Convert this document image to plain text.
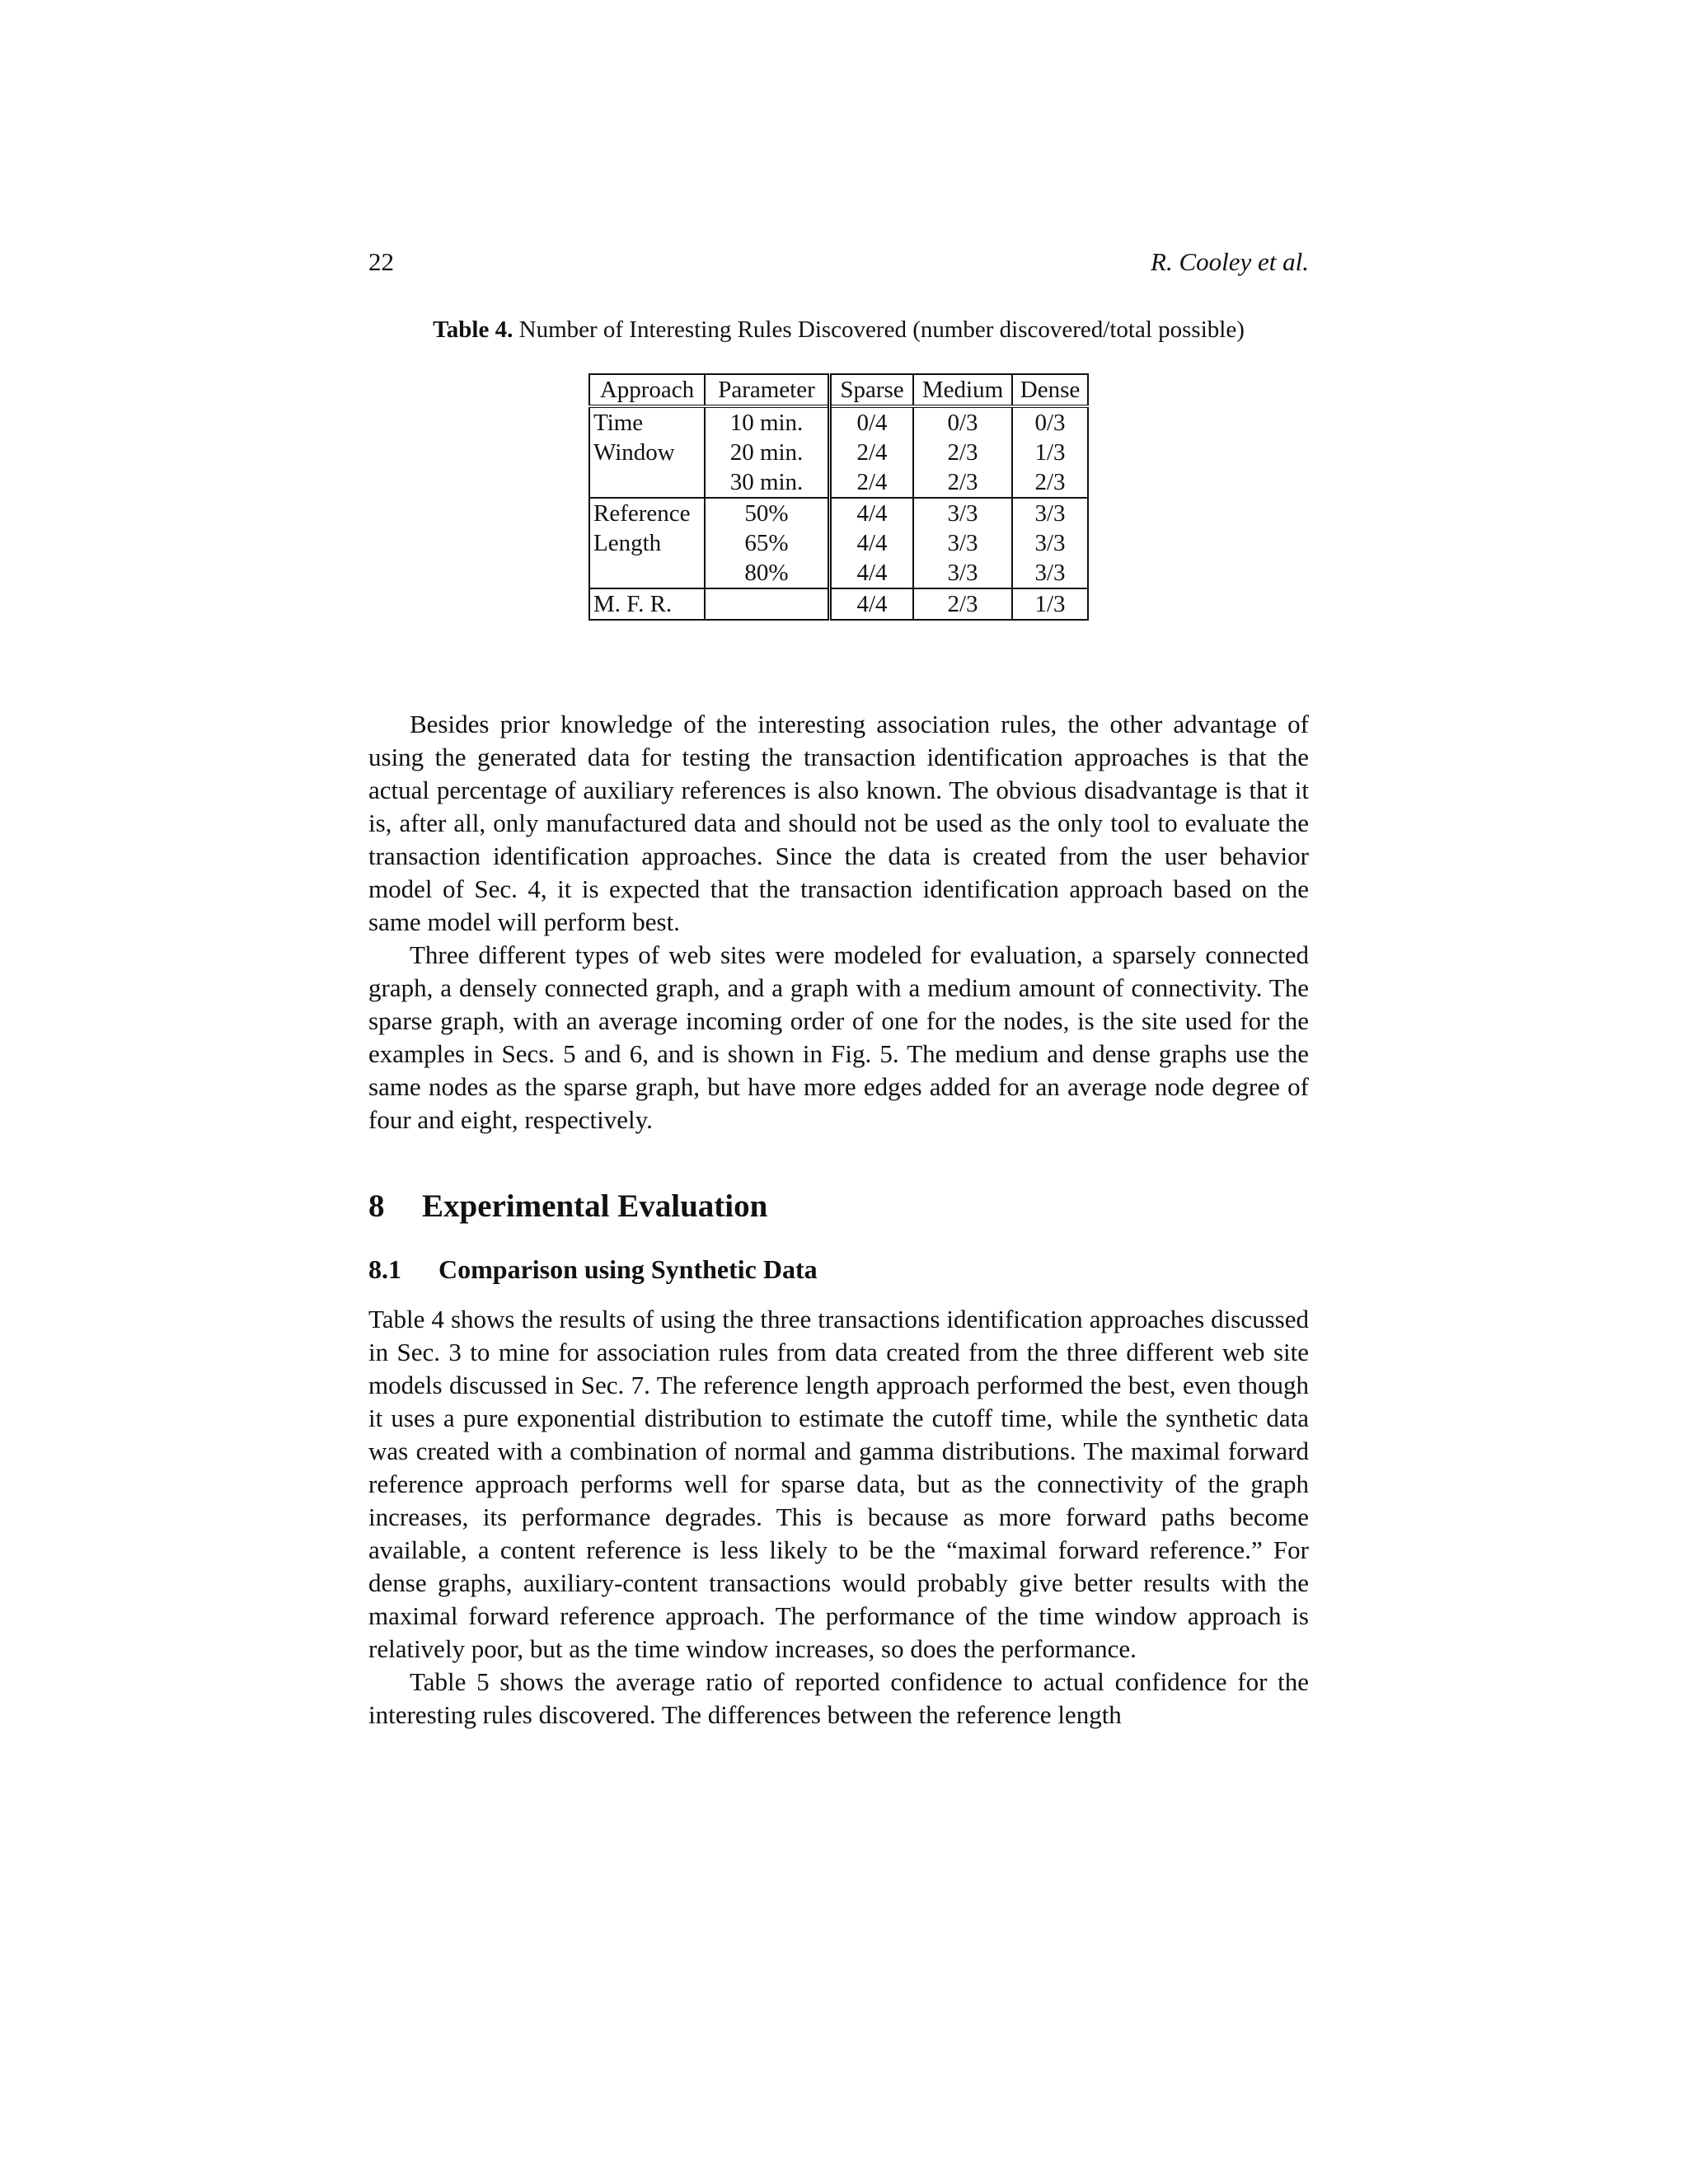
22	R. Cooley et al.
Table 4. Number of Interesting Rules Discovered (number discovered/total possible)
Approach	Parameter	Sparse	Medium	Dense
Time	10 min.	0/4	0/3	0/3
Window	20 min.	2/4	2/3	1/3
	30 min.	2/4	2/3	2/3
Reference	50%	4/4	3/3	3/3
Length	65%	4/4	3/3	3/3
	80%	4/4	3/3	3/3
M. F. R.		4/4	2/3	1/3

Besides prior knowledge of the interesting association rules, the other advantage of using the generated data for testing the transaction identification approaches is that the actual percentage of auxiliary references is also known. The obvious disadvantage is that it is, after all, only manufactured data and should not be used as the only tool to evaluate the transaction identification approaches. Since the data is created from the user behavior model of Sec. 4, it is expected that the transaction identification approach based on the same model will perform best.

Three different types of web sites were modeled for evaluation, a sparsely connected graph, a densely connected graph, and a graph with a medium amount of connectivity. The sparse graph, with an average incoming order of one for the nodes, is the site used for the examples in Secs. 5 and 6, and is shown in Fig. 5. The medium and dense graphs use the same nodes as the sparse graph, but have more edges added for an average node degree of four and eight, respectively.

8 Experimental Evaluation
8.1 Comparison using Synthetic Data

Table 4 shows the results of using the three transactions identification approaches discussed in Sec. 3 to mine for association rules from data created from the three different web site models discussed in Sec. 7. The reference length approach performed the best, even though it uses a pure exponential distribution to estimate the cutoff time, while the synthetic data was created with a combination of normal and gamma distributions. The maximal forward reference approach performs well for sparse data, but as the connectivity of the graph increases, its performance degrades. This is because as more forward paths become available, a content reference is less likely to be the “maximal forward reference.” For dense graphs, auxiliary-content transactions would probably give better results with the maximal forward reference approach. The performance of the time window approach is relatively poor, but as the time window increases, so does the performance.

Table 5 shows the average ratio of reported confidence to actual confidence for the interesting rules discovered. The differences between the reference length
